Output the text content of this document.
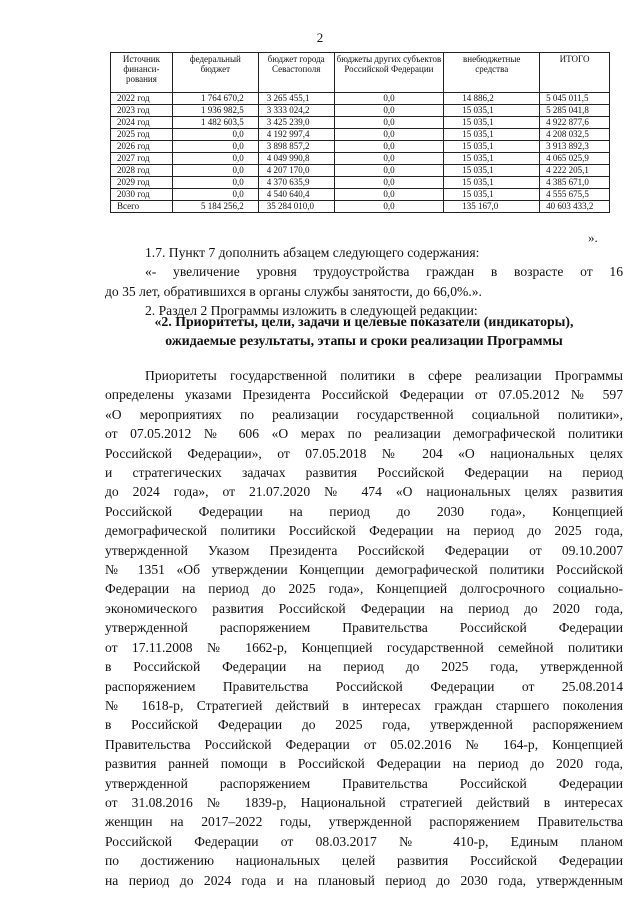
2
Источник финанси-рования	федеральный бюджет	бюджет города Севастополя	бюджеты других субъектов Российской Федерации	внебюджетные средства	ИТОГО
2022 год	1 764 670,2	3 265 455,1	0,0	14 886,2	5 045 011,5
2023 год	1 936 982,5	3 333 024,2	0,0	15 035,1	5 285 041,8
2024 год	1 482 603,5	3 425 239,0	0,0	15 035,1	4 922 877,6
2025 год	0,0	4 192 997,4	0,0	15 035,1	4 208 032,5
2026 год	0,0	3 898 857,2	0,0	15 035,1	3 913 892,3
2027 год	0,0	4 049 990,8	0,0	15 035,1	4 065 025,9
2028 год	0,0	4 207 170,0	0,0	15 035,1	4 222 205,1
2029 год	0,0	4 370 635,9	0,0	15 035,1	4 385 671,0
2030 год	0,0	4 540 640,4	0,0	15 035,1	4 555 675,5
Всего	5 184 256,2	35 284 010,0	0,0	135 167,0	40 603 433,2
».
1.7. Пункт 7 дополнить абзацем следующего содержания:
«- увеличение уровня трудоустройства граждан в возрасте от 16
до 35 лет, обратившихся в органы службы занятости, до 66,0%.».
2. Раздел 2 Программы изложить в следующей редакции:
«2. Приоритеты, цели, задачи и целевые показатели (индикаторы),
ожидаемые результаты, этапы и сроки реализации Программы
Приоритеты государственной политики в сфере реализации Программы
определены указами Президента Российской Федерации от 07.05.2012 № 597
«О мероприятиях по реализации государственной социальной политики»,
от 07.05.2012 № 606 «О мерах по реализации демографической политики
Российской Федерации», от 07.05.2018 № 204 «О национальных целях
и стратегических задачах развития Российской Федерации на период
до 2024 года», от 21.07.2020 № 474 «О национальных целях развития
Российской Федерации на период до 2030 года», Концепцией
демографической политики Российской Федерации на период до 2025 года,
утвержденной Указом Президента Российской Федерации от 09.10.2007
№ 1351 «Об утверждении Концепции демографической политики Российской
Федерации на период до 2025 года», Концепцией долгосрочного социально-
экономического развития Российской Федерации на период до 2020 года,
утвержденной распоряжением Правительства Российской Федерации
от 17.11.2008 № 1662-р, Концепцией государственной семейной политики
в Российской Федерации на период до 2025 года, утвержденной
распоряжением Правительства Российской Федерации от 25.08.2014
№ 1618-р, Стратегией действий в интересах граждан старшего поколения
в Российской Федерации до 2025 года, утвержденной распоряжением
Правительства Российской Федерации от 05.02.2016 № 164-р, Концепцией
развития ранней помощи в Российской Федерации на период до 2020 года,
утвержденной распоряжением Правительства Российской Федерации
от 31.08.2016 № 1839-р, Национальной стратегией действий в интересах
женщин на 2017–2022 годы, утвержденной распоряжением Правительства
Российской Федерации от 08.03.2017 № 410-р, Единым планом
по достижению национальных целей развития Российской Федерации
на период до 2024 года и на плановый период до 2030 года, утвержденным
